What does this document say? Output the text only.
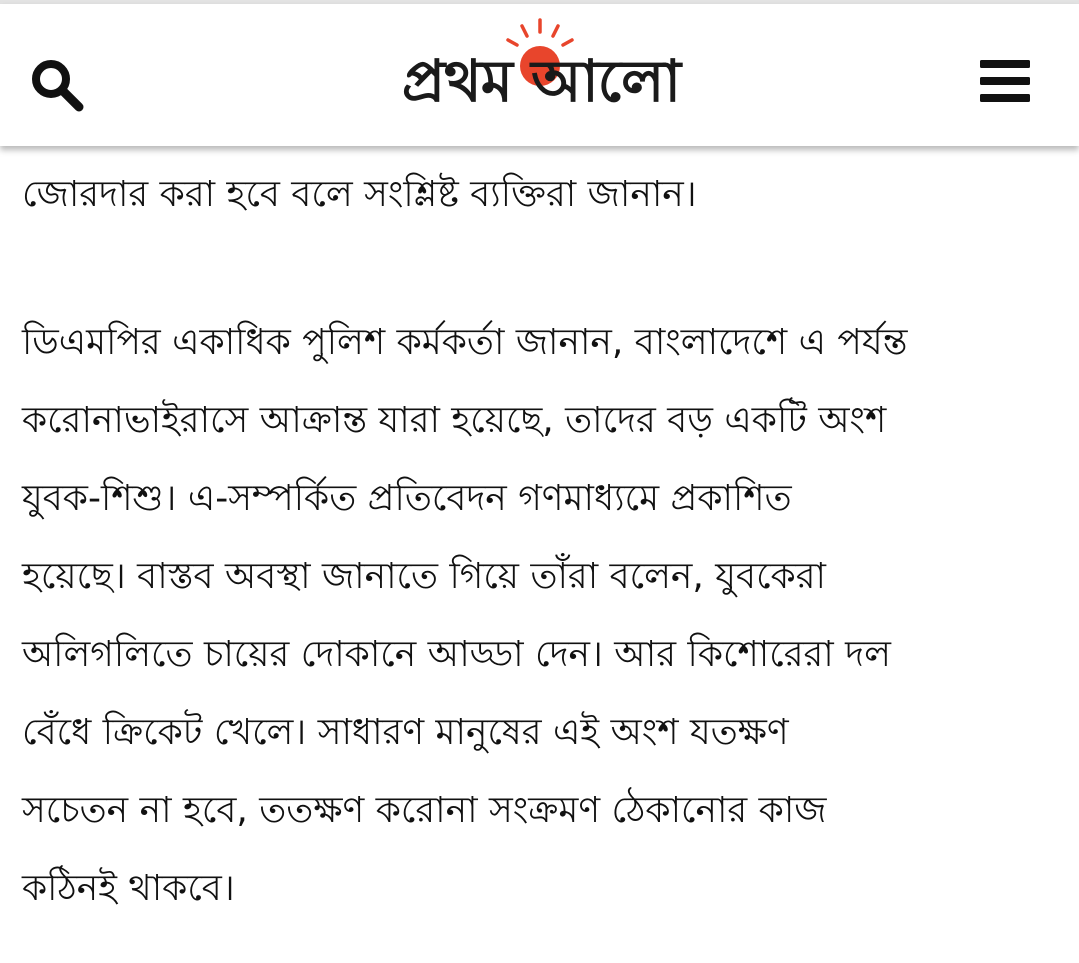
প্রথম আলো

জোরদার করা হবে বলে সংশ্লিষ্ট ব্যক্তিরা জানান।

ডিএমপির একাধিক পুলিশ কর্মকর্তা জানান, বাংলাদেশে এ পর্যন্ত

করোনাভাইরাসে আক্রান্ত যারা হয়েছে, তাদের বড় একটি অংশ

যুবক-শিশু। এ-সম্পর্কিত প্রতিবেদন গণমাধ্যমে প্রকাশিত

হয়েছে। বাস্তব অবস্থা জানাতে গিয়ে তাঁরা বলেন, যুবকেরা

অলিগলিতে চায়ের দোকানে আড্ডা দেন। আর কিশোরেরা দল

বেঁধে ক্রিকেট খেলে। সাধারণ মানুষের এই অংশ যতক্ষণ

সচেতন না হবে, ততক্ষণ করোনা সংক্রমণ ঠেকানোর কাজ

কঠিনই থাকবে।
